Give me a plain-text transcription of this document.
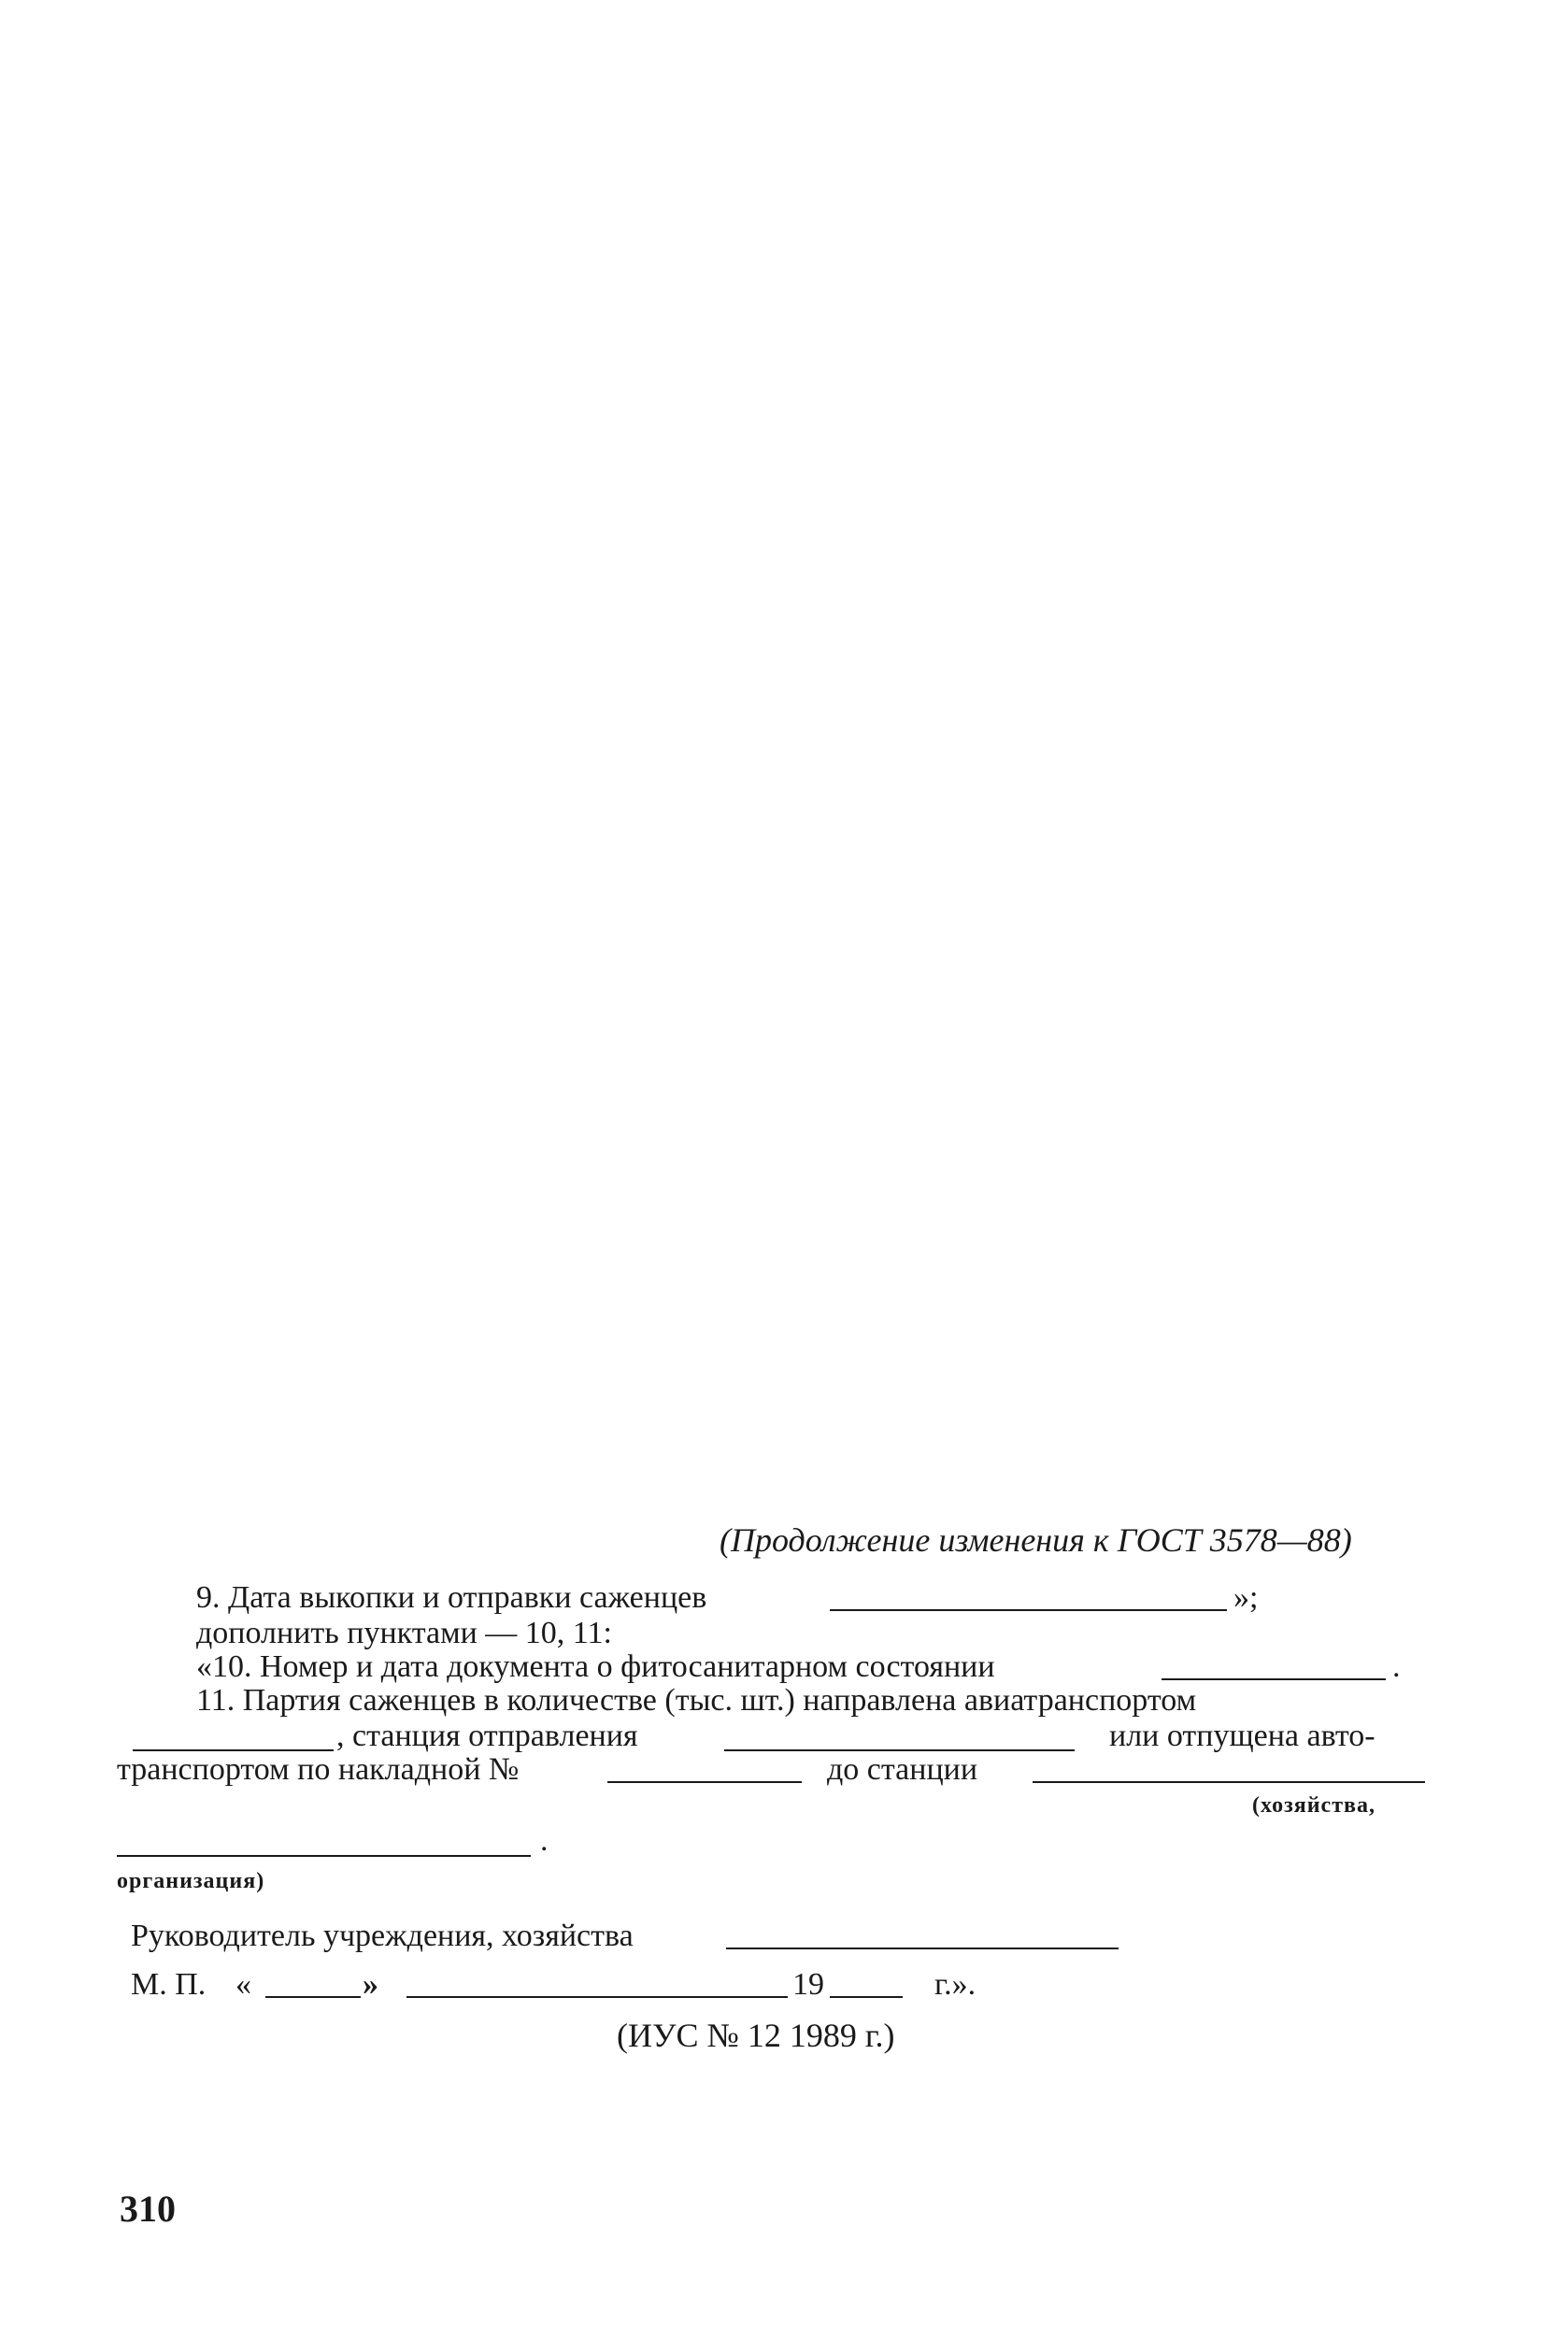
(Продолжение изменения к ГОСТ 3578—88)
9. Дата выкопки и отправки саженцев	»;
дополнить пунктами — 10, 11:
«10. Номер и дата документа о фитосанитарном состоянии	.
11. Партия саженцев в количестве (тыс. шт.) направлена авиатранспортом
, станция отправления	или отпущена авто-
транспортом по накладной №	до станции
(хозяйства,
.
организация)
Руководитель учреждения, хозяйства
М. П. «	»	19	г.».
(ИУС № 12 1989 г.)
310
